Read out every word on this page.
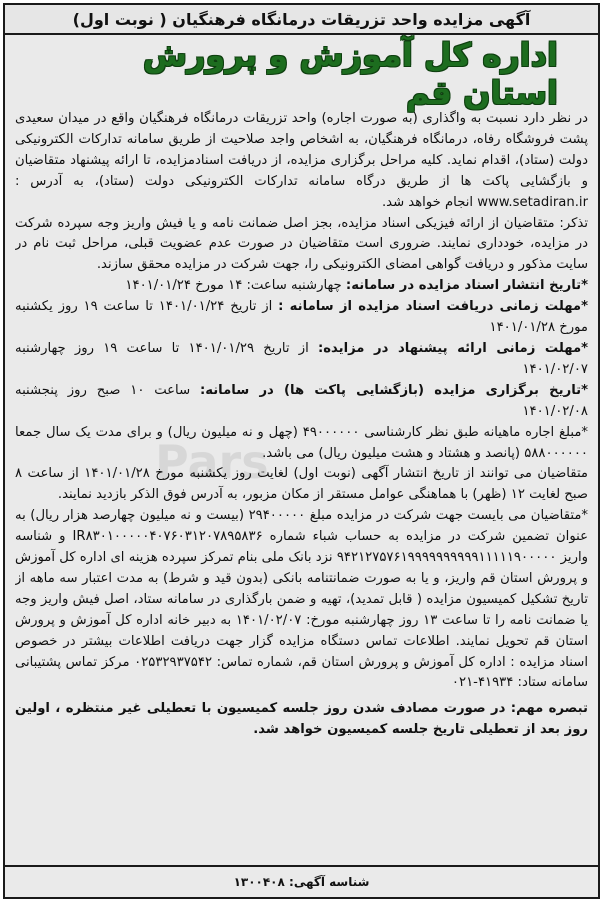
آگهی مزایده واحد تزریقات درمانگاه فرهنگیان ( نوبت اول)
اداره کل آموزش و پرورش استان قم

در نظر دارد نسبت به واگذاری (به صورت اجاره) واحد تزریقات درمانگاه فرهنگیان واقع در میدان سعیدی پشت فروشگاه رفاه، درمانگاه فرهنگیان، به اشخاص واجد صلاحیت از طریق سامانه تدارکات الکترونیکی دولت (ستاد)، اقدام نماید. کلیه مراحل برگزاری مزایده، از دریافت اسنادمزایده، تا ارائه پیشنهاد متقاضیان و بازگشایی پاکت ها از طریق درگاه سامانه تدارکات الکترونیکی دولت (ستاد)، به آدرس : www.setadiran.ir انجام خواهد شد.

تذکر: متقاضیان از ارائه فیزیکی اسناد مزایده، بجز اصل ضمانت نامه و یا فیش واریز وجه سپرده شرکت در مزایده، خودداری نمایند. ضروری است متقاضیان در صورت عدم عضویت قبلی، مراحل ثبت نام در سایت مذکور و دریافت گواهی امضای الکترونیکی را، جهت شرکت در مزایده محقق سازند.

*تاریخ انتشار اسناد مزایده در سامانه: چهارشنبه ساعت: ۱۴ مورخ ۱۴۰۱/۰۱/۲۴

*مهلت زمانی دریافت اسناد مزایده از سامانه : از تاریخ ۱۴۰۱/۰۱/۲۴ تا ساعت ۱۹ روز یکشنبه مورخ ۱۴۰۱/۰۱/۲۸

*مهلت زمانی ارائه پیشنهاد در مزایده: از تاریخ ۱۴۰۱/۰۱/۲۹ تا ساعت ۱۹ روز چهارشنبه ۱۴۰۱/۰۲/۰۷

*تاریخ برگزاری مزایده (بازگشایی پاکت ها) در سامانه: ساعت ۱۰ صبح روز پنجشنبه ۱۴۰۱/۰۲/۰۸

*مبلغ اجاره ماهیانه طبق نظر کارشناسی ۴۹۰۰۰۰۰۰ (چهل و نه میلیون ریال) و برای مدت یک سال جمعا ۵۸۸۰۰۰۰۰۰ (پانصد و هشتاد و هشت میلیون ریال) می باشد.

متقاضیان می توانند از تاریخ انتشار آگهی (نوبت اول) لغایت روز یکشنبه مورخ ۱۴۰۱/۰۱/۲۸ از ساعت ۸ صبح لغایت ۱۲ (ظهر) با هماهنگی عوامل مستقر از مکان مزبور، به آدرس فوق الذکر بازدید نمایند.

*متقاضیان می بایست جهت شرکت در مزایده مبلغ ۲۹۴۰۰۰۰۰ (بیست و نه میلیون چهارصد هزار ریال) به عنوان تضمین شرکت در مزایده به حساب شباء شماره IR۸۳۰۱۰۰۰۰۰۴۰۷۶۰۳۱۲۰۷۸۹۵۸۳۶ و شناسه واریز ۹۴۲۱۲۷۵۷۶۱۹۹۹۹۹۹۹۹۹۹۱۱۱۱۱۹۰۰۰۰۰ نزد بانک ملی بنام تمرکز سپرده هزینه ای اداره کل آموزش و پرورش استان قم واریز، و یا به صورت ضمانتنامه بانکی (بدون قید و شرط) به مدت اعتبار سه ماهه از تاریخ تشکیل کمیسیون مزایده ( قابل تمدید)، تهیه و ضمن بارگذاری در سامانه ستاد، اصل فیش واریز وجه یا ضمانت نامه را تا ساعت ۱۳ روز چهارشنبه مورخ: ۱۴۰۱/۰۲/۰۷ به دبیر خانه اداره کل آموزش و پرورش استان قم تحویل نمایند. اطلاعات تماس دستگاه مزایده گزار جهت دریافت اطلاعات بیشتر در خصوص اسناد مزایده : اداره کل آموزش و پرورش استان قم، شماره تماس: ۰۲۵۳۲۹۳۷۵۴۲ مرکز تماس پشتیبانی سامانه ستاد: ۴۱۹۳۴-۰۲۱

تبصره مهم: در صورت مصادف شدن روز جلسه کمیسیون با تعطیلی غیر منتظره ، اولین روز بعد از تعطیلی تاریخ جلسه کمیسیون خواهد شد.

Pars
شناسه آگهی: ۱۳۰۰۴۰۸
